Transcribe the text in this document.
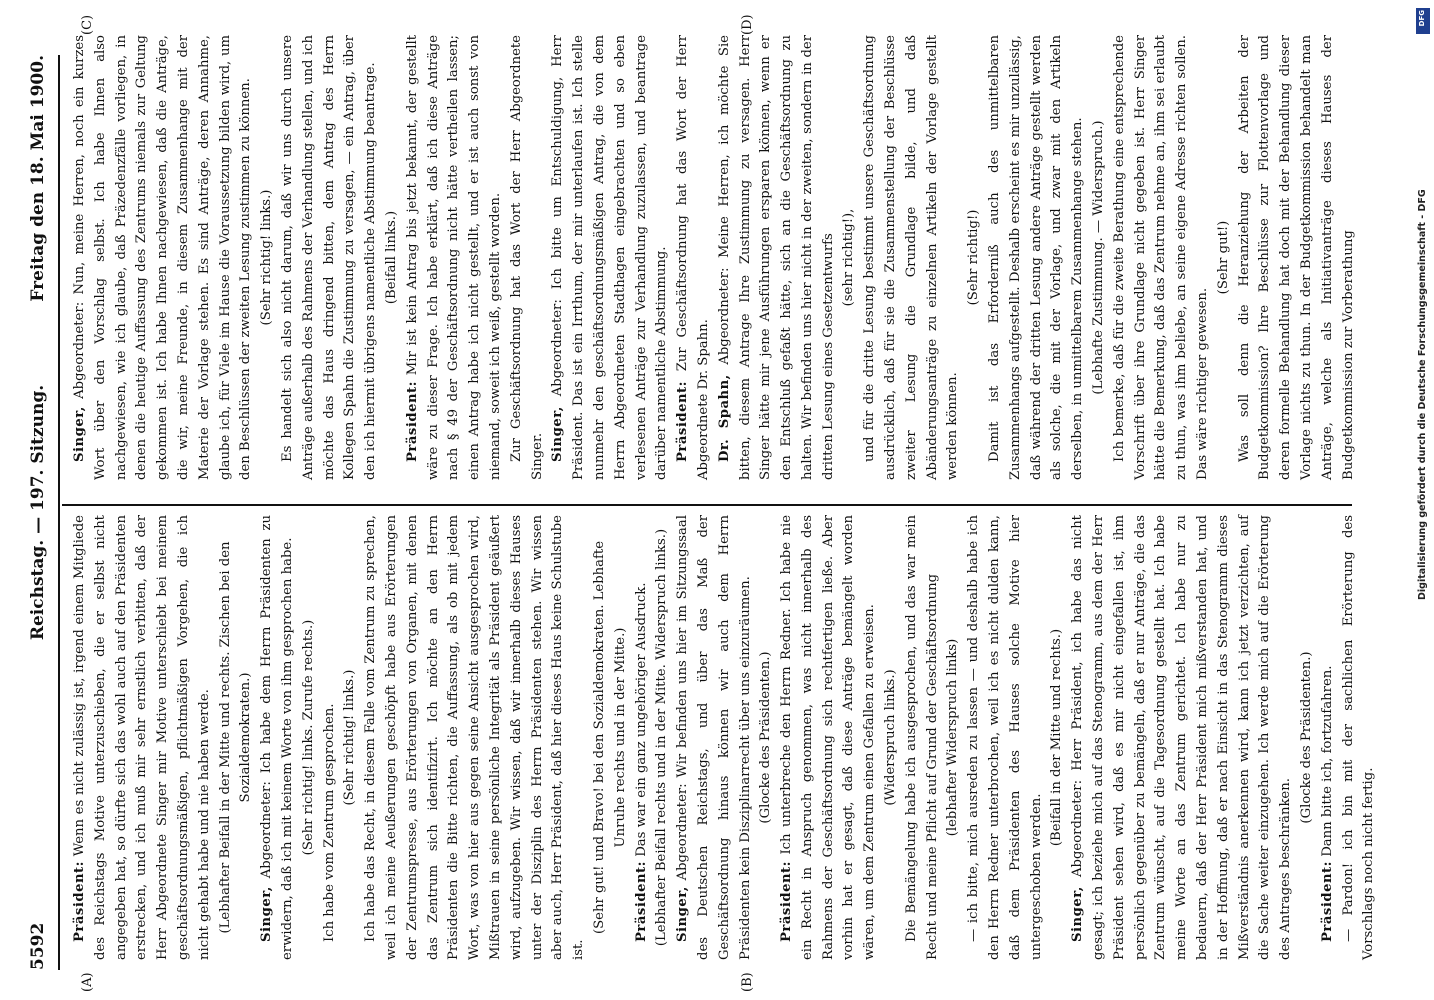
5592
Reichstag. — 197. Sitzung.
Freitag den 18. Mai 1900.
(A)	(B)
(C)	(D)

Präsident: Wenn es nicht zulässig ist, irgend einem Mitgliede des Reichstags Motive unterzuschieben, die er selbst nicht angegeben hat, so dürfte sich das wohl auch auf den Präsidenten erstrecken, und ich muß mir sehr ernstlich verbitten, daß der Herr Abgeordnete Singer mir Motive unterschiebt bei meinem geschäftsordnungsmäßigen, pflichtmäßigen Vorgehen, die ich nicht gehabt habe und nie haben werde. (Lebhafter Beifall in der Mitte und rechts. Zischen bei den Sozialdemokraten.)

Singer, Abgeordneter: Ich habe dem Herrn Präsidenten zu erwidern, daß ich mit keinem Worte von ihm gesprochen habe. (Sehr richtig! links. Zurufe rechts.) Ich habe vom Zentrum gesprochen. (Sehr richtig! links.) Ich habe das Recht, in diesem Falle vom Zentrum zu sprechen, weil ich meine Aeußerungen geschöpft habe aus Erörterungen der Zentrumspresse, aus Erörterungen von Organen, mit denen das Zentrum sich identifizirt. Ich möchte an den Herrn Präsidenten die Bitte richten, die Auffassung, als ob mit jedem Wort, was von hier aus gegen seine Ansicht ausgesprochen wird, Mißtrauen in seine persönliche Integrität als Präsident geäußert wird, aufzugeben. Wir wissen, daß wir innerhalb dieses Hauses unter der Disziplin des Herrn Präsidenten stehen. Wir wissen aber auch, Herr Präsident, daß hier dieses Haus keine Schulstube ist.

(Sehr gut! und Bravo! bei den Sozialdemokraten. Lebhafte Unruhe rechts und in der Mitte.)

Präsident: Das war ein ganz ungehöriger Ausdruck. (Lebhafter Beifall rechts und in der Mitte. Widerspruch links.) Singer, Abgeordneter: Wir befinden uns hier im Sitzungssaal des Deutschen Reichstags, und über das Maß der Geschäftsordnung hinaus können wir auch dem Herrn Präsidenten kein Disziplinarrecht über uns einzuräumen. (Glocke des Präsidenten.)

Präsident: Ich unterbreche den Herrn Redner. Ich habe nie ein Recht in Anspruch genommen, was nicht innerhalb des Rahmens der Geschäftsordnung sich rechtfertigen ließe. Aber vorhin hat er gesagt, daß diese Anträge bemängelt worden wären, um dem Zentrum einen Gefallen zu erweisen. (Widerspruch links.) Die Bemängelung habe ich ausgesprochen, und das war mein Recht und meine Pflicht auf Grund der Geschäftsordnung (lebhafter Widerspruch links) — ich bitte, mich ausreden zu lassen — und deshalb habe ich den Herrn Redner unterbrochen, weil ich es nicht dulden kann, daß dem Präsidenten des Hauses solche Motive hier untergeschoben werden.

(Beifall in der Mitte und rechts.)

Singer, Abgeordneter: Herr Präsident, ich habe das nicht gesagt; ich beziehe mich auf das Stenogramm, aus dem der Herr Präsident sehen wird, daß es mir nicht eingefallen ist, ihm persönlich gegenüber zu bemängeln, daß er nur Anträge, die das Zentrum wünscht, auf die Tagesordnung gestellt hat. Ich habe meine Worte an das Zentrum gerichtet. Ich habe nur zu bedauern, daß der Herr Präsident mich mißverstanden hat, und in der Hoffnung, daß er nach Einsicht in das Stenogramm dieses Mißverständnis anerkennen wird, kann ich jetzt verzichten, auf die Sache weiter einzugehen. Ich werde mich auf die Erörterung des Antrages beschränken.

(Glocke des Präsidenten.)

Präsident: Dann bitte ich, fortzufahren. — Pardon! ich bin mit der sachlichen Erörterung des Vorschlags noch nicht fertig.

Singer, Abgeordneter: Nun, meine Herren, noch ein kurzes Wort über den Vorschlag selbst. Ich habe Ihnen also nachgewiesen, wie ich glaube, daß Präzedenzfälle vorliegen, in denen die heutige Auffassung des Zentrums niemals zur Geltung gekommen ist. Ich habe Ihnen nachgewiesen, daß die Anträge, die wir, meine Freunde, in diesem Zusammenhange mit der Materie der Vorlage stehen. Es sind Anträge, deren Annahme, glaube ich, für Viele im Hause die Voraussetzung bilden wird, um den Beschlüssen der zweiten Lesung zustimmen zu können. (Sehr richtig! links.) Es handelt sich also nicht darum, daß wir uns durch unsere Anträge außerhalb des Rahmens der Verhandlung stellen, und ich möchte das Haus dringend bitten, dem Antrag des Herrn Kollegen Spahn die Zustimmung zu versagen, — ein Antrag, über den ich hiermit übrigens namentliche Abstimmung beantrage. (Beifall links.)

Präsident: Mir ist kein Antrag bis jetzt bekannt, der gestellt wäre zu dieser Frage. Ich habe erklärt, daß ich diese Anträge nach § 49 der Geschäftsordnung nicht hätte vertheilen lassen; einen Antrag habe ich nicht gestellt, und er ist auch sonst von niemand, soweit ich weiß, gestellt worden. Zur Geschäftsordnung hat das Wort der Herr Abgeordnete Singer. Singer, Abgeordneter: Ich bitte um Entschuldigung, Herr Präsident. Das ist ein Irrthum, der mir unterlaufen ist. Ich stelle nunmehr den geschäftsordnungsmäßigen Antrag, die von dem Herrn Abgeordneten Stadthagen eingebrachten und so eben verlesenen Anträge zur Verhandlung zuzulassen, und beantrage darüber namentliche Abstimmung. Präsident: Zur Geschäftsordnung hat das Wort der Herr Abgeordnete Dr. Spahn. Dr. Spahn, Abgeordneter: Meine Herren, ich möchte Sie bitten, diesem Antrage Ihre Zustimmung zu versagen. Herr Singer hätte mir jene Ausführungen ersparen können, wenn er den Entschluß gefaßt hätte, sich an die Geschäftsordnung zu halten. Wir befinden uns hier nicht in der zweiten, sondern in der dritten Lesung eines Gesetzentwurfs (sehr richtig!), und für die dritte Lesung bestimmt unsere Geschäftsordnung ausdrücklich, daß für sie die Zusammenstellung der Beschlüsse zweiter Lesung die Grundlage bilde, und daß Abänderungsanträge zu einzelnen Artikeln der Vorlage gestellt werden können.

(Sehr richtig!) Damit ist das Erforderniß auch des unmittelbaren Zusammenhangs aufgestellt. Deshalb erscheint es mir unzulässig, daß während der dritten Lesung andere Anträge gestellt werden als solche, die mit der Vorlage, und zwar mit den Artikeln derselben, in unmittelbarem Zusammenhange stehen. (Lebhafte Zustimmung. — Widerspruch.) Ich bemerke, daß für die zweite Berathung eine entsprechende Vorschrift über ihre Grundlage nicht gegeben ist. Herr Singer hätte die Bemerkung, daß das Zentrum nehme an, ihm sei erlaubt zu thun, was ihm beliebe, an seine eigene Adresse richten sollen. Das wäre richtiger gewesen.

(Sehr gut!) Was soll denn die Heranziehung der Arbeiten der Budgetkommission? Ihre Beschlüsse zur Flottenvorlage und deren formelle Behandlung hat doch mit der Behandlung dieser Vorlage nichts zu thun. In der Budgetkommission behandelt man Anträge, welche als Initiativanträge dieses Hauses der Budgetkommission zur Vorberathung

DFG
Digitalisierung gefördert durch die Deutsche Forschungsgemeinschaft - DFG
